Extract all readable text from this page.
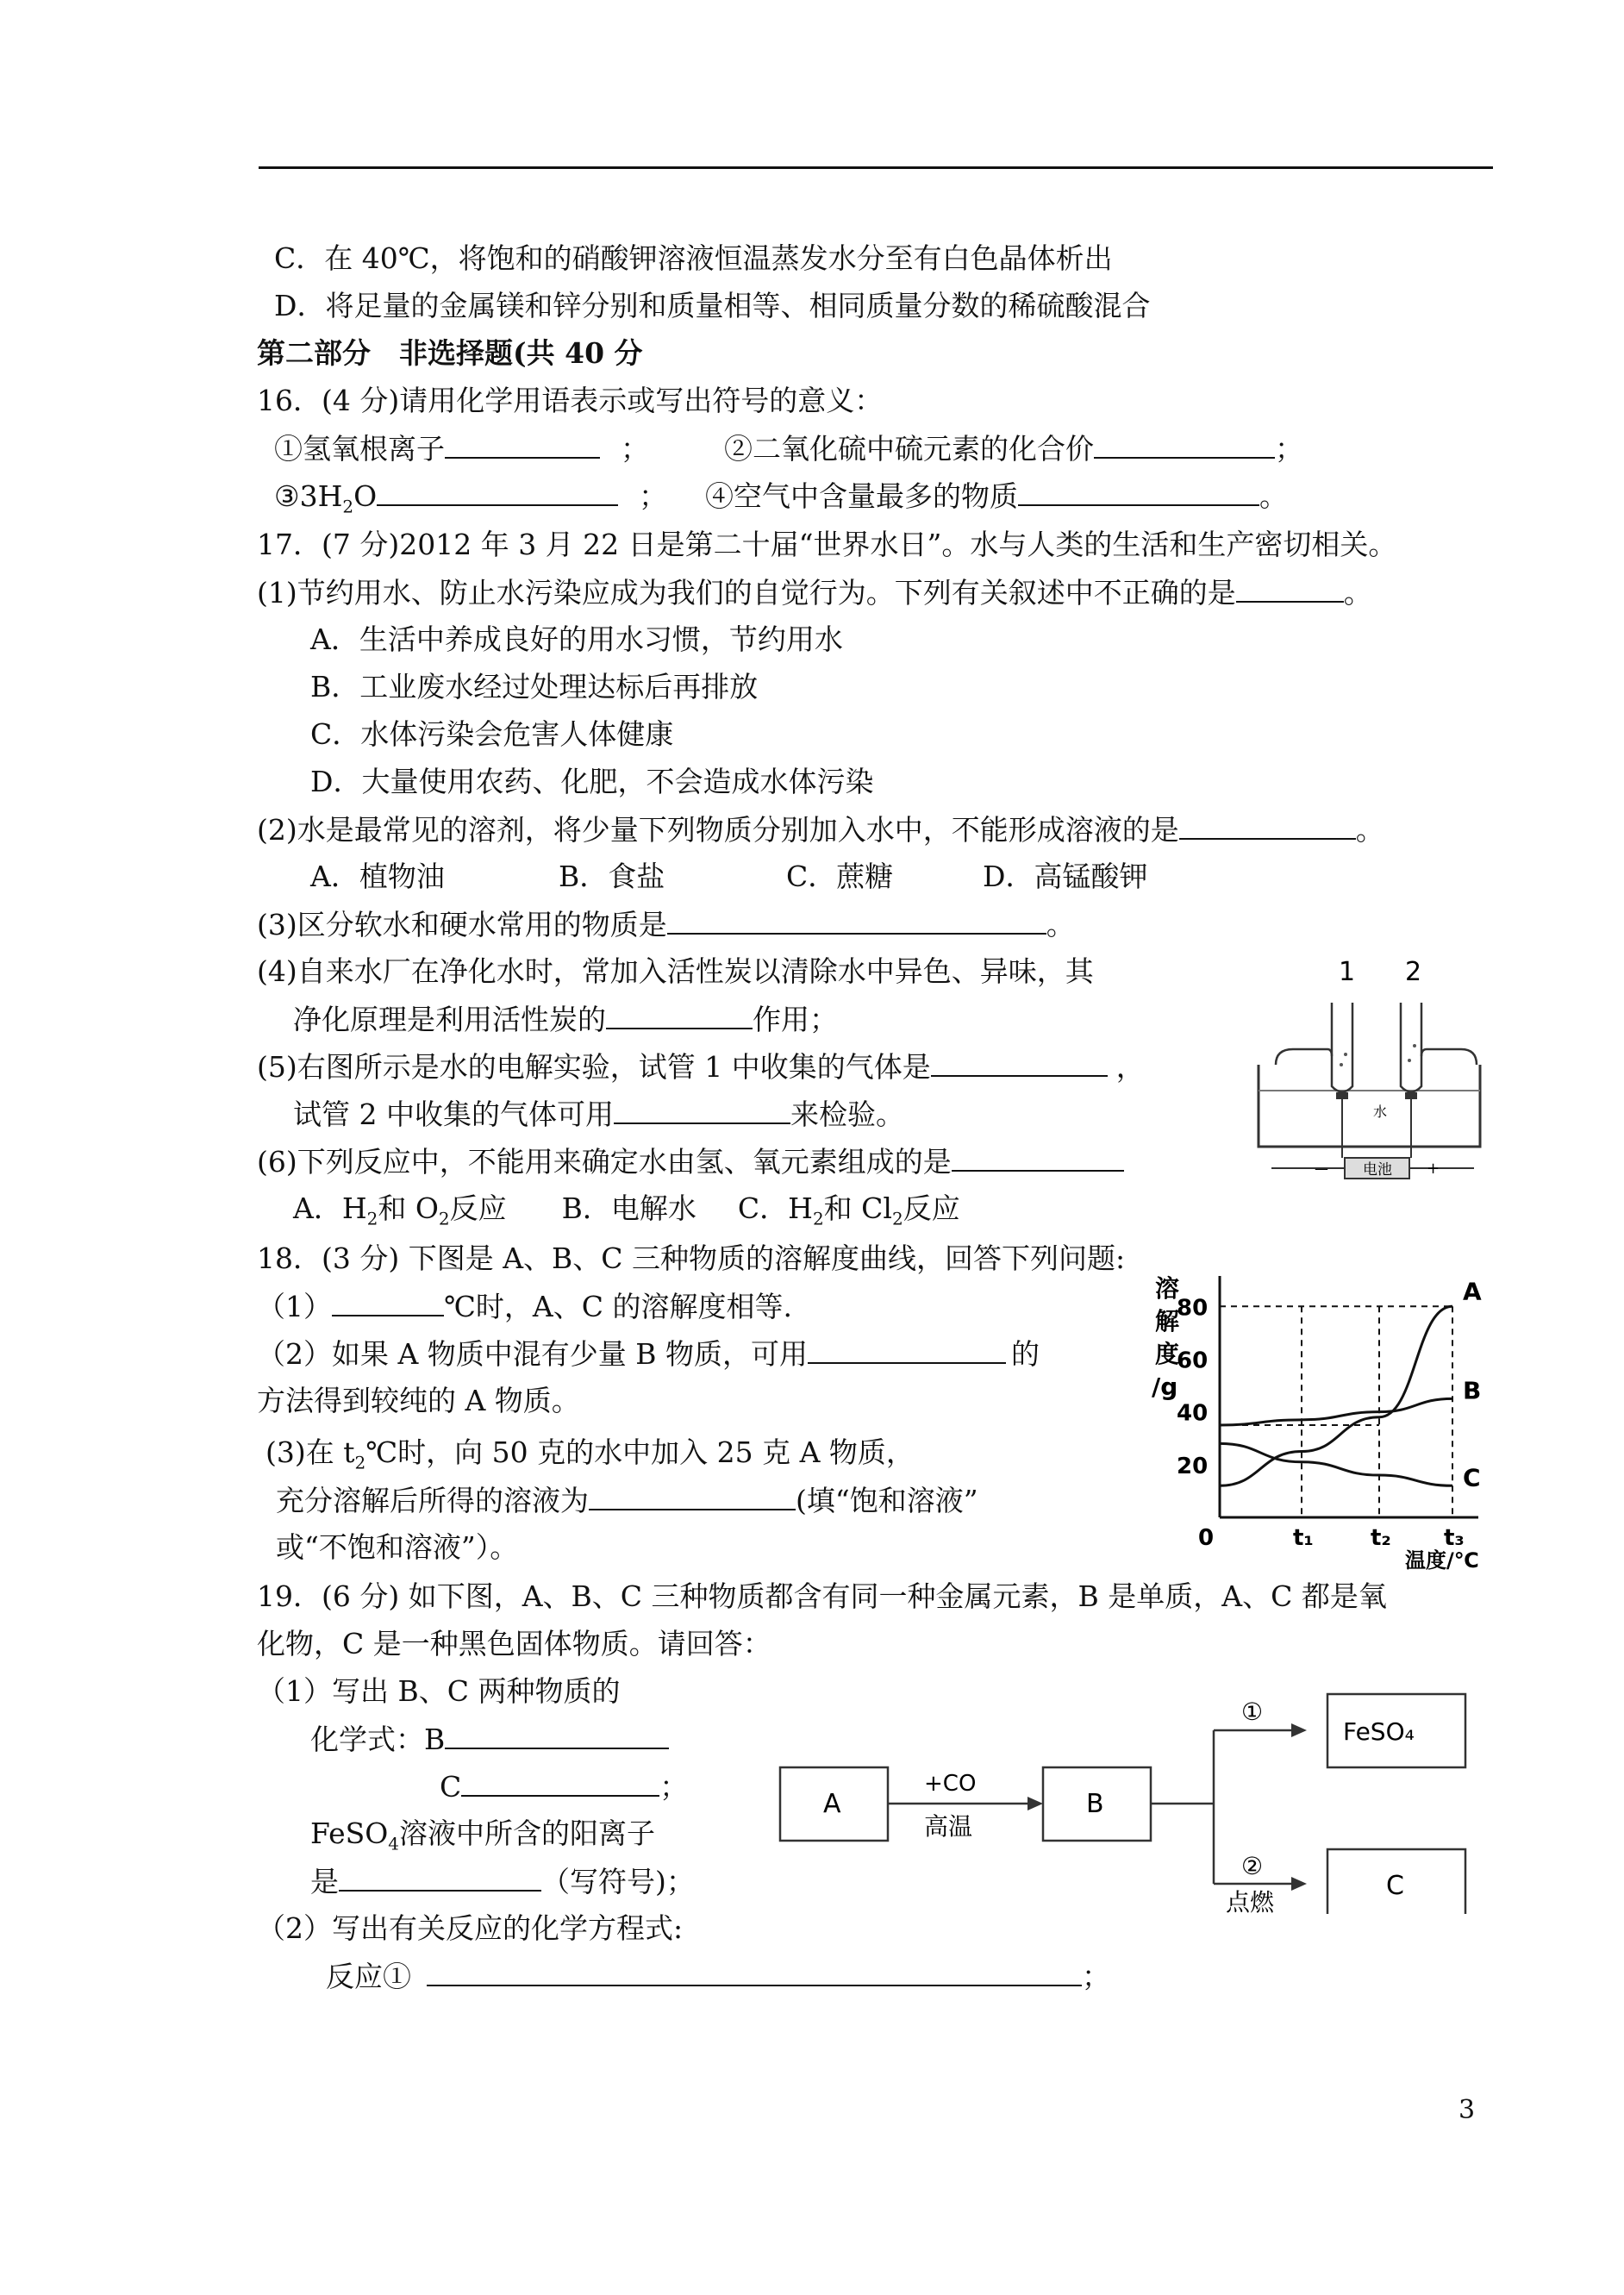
C．在 40℃，将饱和的硝酸钾溶液恒温蒸发水分至有白色晶体析出
D．将足量的金属镁和锌分别和质量相等、相同质量分数的稀硫酸混合
第二部分　非选择题(共 40 分
16．(4 分)请用化学用语表示或写出符号的意义：
①氢氧根离子	；	②二氧化硫中硫元素的化合价	；
$③3H_2O$	； ④空气中含量最多的物质	。
17．(7 分)2012 年 3 月 22 日是第二十届“世界水日”。水与人类的生活和生产密切相关。
(1)节约用水、防止水污染应成为我们的自觉行为。下列有关叙述中不正确的是	。
A．生活中养成良好的用水习惯，节约用水
B．工业废水经过处理达标后再排放
C．水体污染会危害人体健康
D．大量使用农药、化肥，不会造成水体污染
(2)水是最常见的溶剂，将少量下列物质分别加入水中，不能形成溶液的是	。
A．植物油	B．食盐	C．蔗糖	D．高锰酸钾
(3)区分软水和硬水常用的物质是	。
(4)自来水厂在净化水时，常加入活性炭以清除水中异色、异味，其
净化原理是利用活性炭的	作用；
(5)右图所示是水的电解实验，试管 1 中收集的气体是	，
试管 2 中收集的气体可用	来检验。
(6)下列反应中，不能用来确定水由氢、氧元素组成的是
A．$H_2$和 $O_2$反应 B．电解水 C．$H_2$和 $Cl_2$反应
1 2
水
电池
—	+
18．(3 分) 下图是 A、B、C 三种物质的溶解度曲线，回答下列问题:
（1）	℃时，A、C 的溶解度相等.
（2）如果 A 物质中混有少量 B 物质，可用	的
方法得到较纯的 A 物质。
(3)在 $t_2℃$时，向 50 克的水中加入 25 克 A 物质，
充分溶解后所得的溶液为	(填“饱和溶液”
或“不饱和溶液”）。
溶
解
度
/g
温度/℃
20
40
60
80
0	t₁	t₂ t₃
A
B
C
19．(6 分) 如下图，A、B、C 三种物质都含有同一种金属元素，B 是单质，A、C 都是氧
化物，C 是一种黑色固体物质。请回答：
（1）写出 B、C 两种物质的
化学式：B
C	；
FeSO$_4$溶液中所含的阳离子
是	（写符号)；
（2）写出有关反应的化学方程式:
反应①	；
A
+CO
高温
B
①
②
点燃
FeSO₄
C
3
